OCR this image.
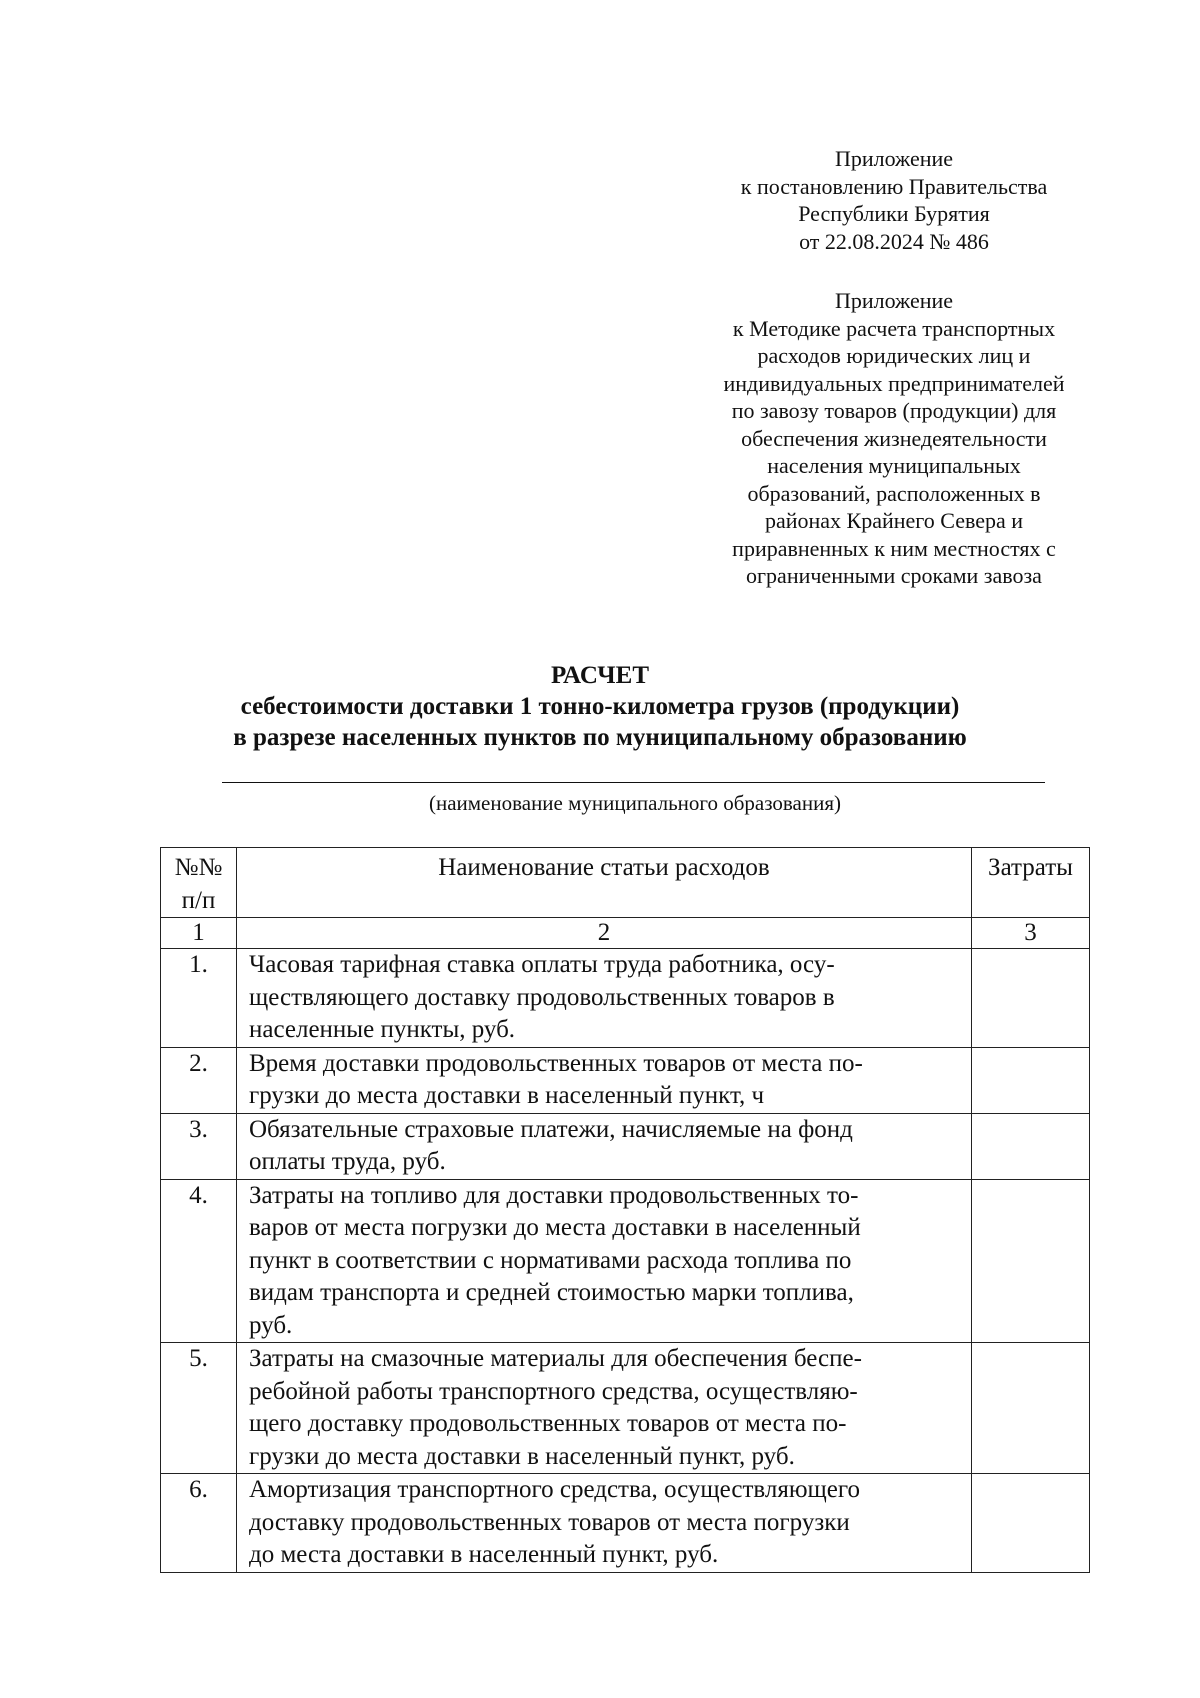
Приложение
к постановлению Правительства
Республики Бурятия
от 22.08.2024 № 486
Приложение
к Методике расчета транспортных
расходов юридических лиц и
индивидуальных предпринимателей
по завозу товаров (продукции) для
обеспечения жизнедеятельности
населения муниципальных
образований, расположенных в
районах Крайнего Севера и
приравненных к ним местностях с
ограниченными сроками завоза
РАСЧЕТ
себестоимости доставки 1 тонно-километра грузов (продукции)
в разрезе населенных пунктов по муниципальному образованию
(наименование муниципального образования)
№№
п/п	Наименование статьи расходов	Затраты
1	2	3
1.	Часовая тарифная ставка оплаты труда работника, осу-
ществляющего доставку продовольственных товаров в
населенные пункты, руб.	

2.	Время доставки продовольственных товаров от места по-
грузки до места доставки в населенный пункт, ч	

3.	Обязательные страховые платежи, начисляемые на фонд
оплаты труда, руб.	

4.	Затраты на топливо для доставки продовольственных то-
варов от места погрузки до места доставки в населенный
пункт в соответствии с нормативами расхода топлива по
видам транспорта и средней стоимостью марки топлива,
руб.	

5.	Затраты на смазочные материалы для обеспечения беспе-
ребойной работы транспортного средства, осуществляю-
щего доставку продовольственных товаров от места по-
грузки до места доставки в населенный пункт, руб.	

6.	Амортизация транспортного средства, осуществляющего
доставку продовольственных товаров от места погрузки
до места доставки в населенный пункт, руб.	
